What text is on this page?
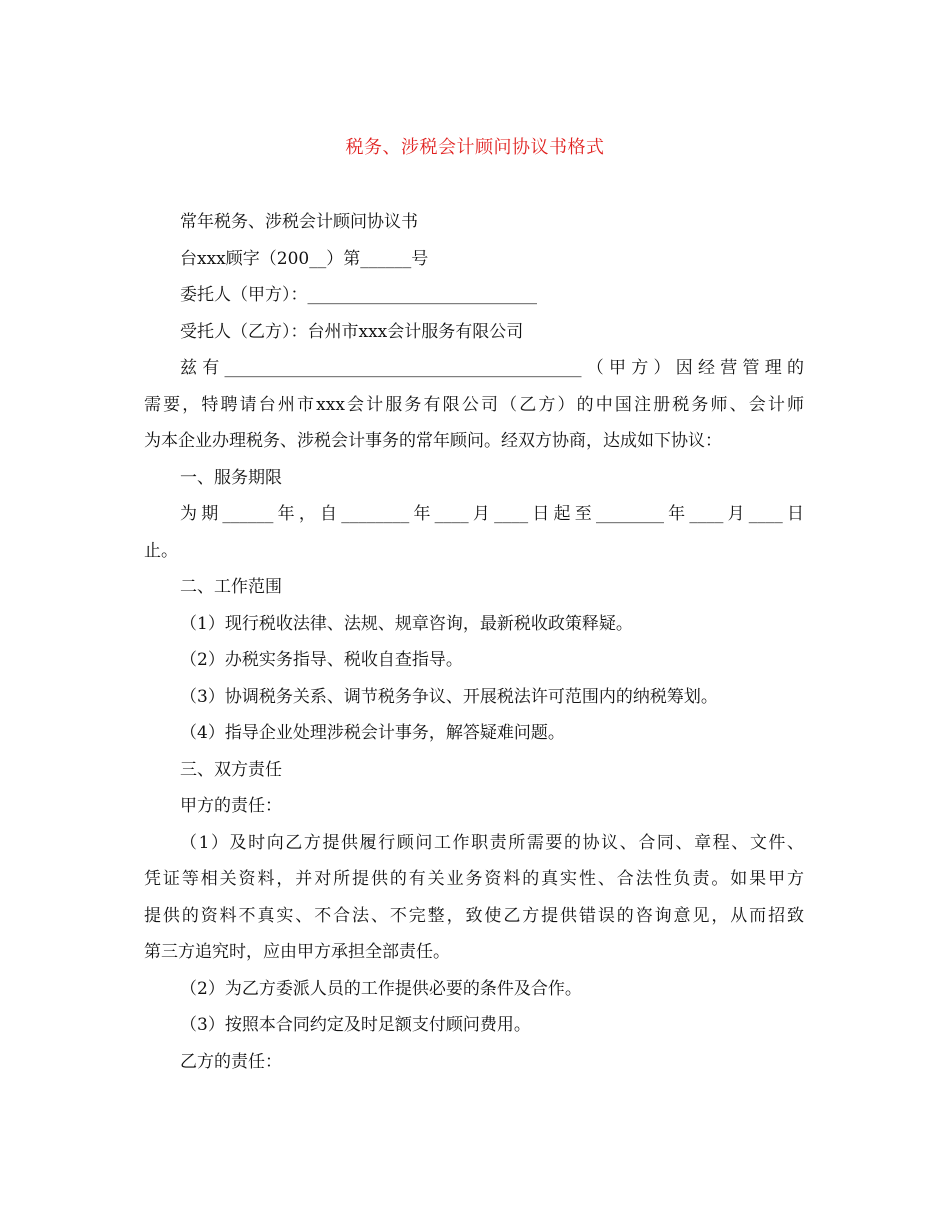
税务、涉税会计顾问协议书格式
常年税务、涉税会计顾问协议书
台xxx顾字（200__）第______号
委托人（甲方）：___________________________
受托人（乙方）：台州市xxx会计服务有限公司
兹有__________________________________________（甲方）因经营管理的
需要，特聘请台州市xxx会计服务有限公司（乙方）的中国注册税务师、会计师
为本企业办理税务、涉税会计事务的常年顾问。经双方协商，达成如下协议：
一、服务期限
为期______年，自________年____月____日起至________年____月____日
止。
二、工作范围
（1）现行税收法律、法规、规章咨询，最新税收政策释疑。
（2）办税实务指导、税收自查指导。
（3）协调税务关系、调节税务争议、开展税法许可范围内的纳税筹划。
（4）指导企业处理涉税会计事务，解答疑难问题。
三、双方责任
甲方的责任：
（1）及时向乙方提供履行顾问工作职责所需要的协议、合同、章程、文件、
凭证等相关资料，并对所提供的有关业务资料的真实性、合法性负责。如果甲方
提供的资料不真实、不合法、不完整，致使乙方提供错误的咨询意见，从而招致
第三方追究时，应由甲方承担全部责任。
（2）为乙方委派人员的工作提供必要的条件及合作。
（3）按照本合同约定及时足额支付顾问费用。
乙方的责任：
